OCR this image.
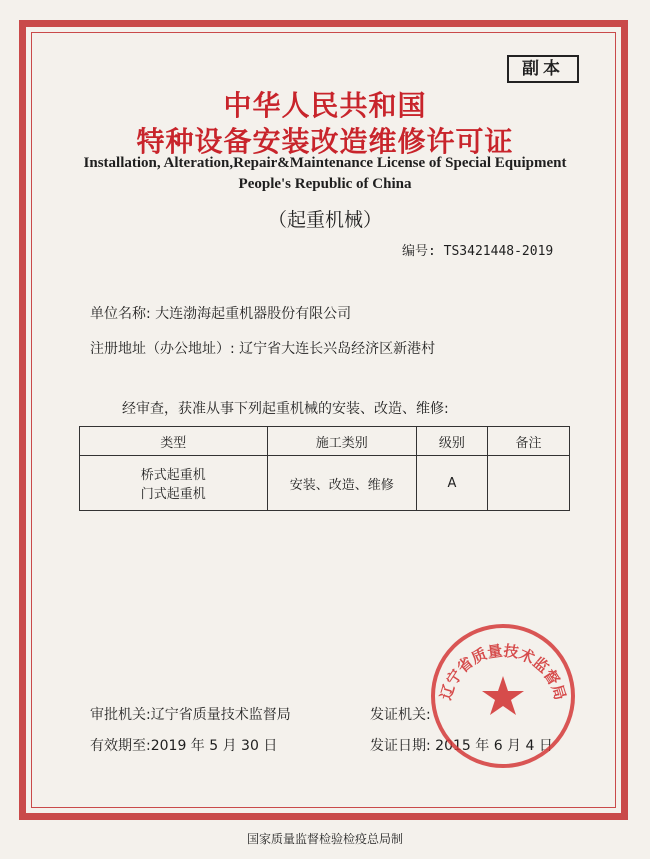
副本
中华人民共和国
特种设备安装改造维修许可证
Installation, Alteration,Repair&Maintenance License of Special Equipment
People's Republic of China
（起重机械）
编号: TS3421448-2019
单位名称: 大连渤海起重机器股份有限公司
注册地址（办公地址）: 辽宁省大连长兴岛经济区新港村
经审查，获准从事下列起重机械的安装、改造、维修:
类型	施工类别	级别	备注

桥式起重机
门式起重机	安装、改造、维修	A	
审批机关:辽宁省质量技术监督局
有效期至:2019 年 5 月 30 日
发证机关:
发证日期: 2015 年 6 月 4 日
辽宁省质量技术监督局
国家质量监督检验检疫总局制
